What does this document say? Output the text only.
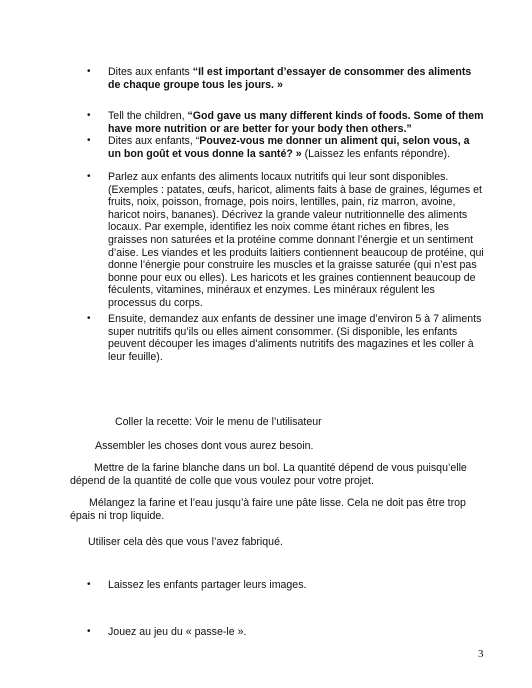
•	Dites aux enfants “Il est important d’essayer de consommer des aliments de chaque groupe tous les jours. »
•	Tell the children, “God gave us many different kinds of foods. Some of them have more nutrition or are better for your body then others.”
•	Dites aux enfants, “Pouvez-vous me donner un aliment qui, selon vous, a un bon goût et vous donne la santé? » (Laissez les enfants répondre).
•	Parlez aux enfants des aliments locaux nutritifs qui leur sont disponibles. (Exemples : patates, œufs, haricot, aliments faits à base de graines, légumes et fruits, noix, poisson, fromage, pois noirs, lentilles, pain, riz marron, avoine, haricot noirs, bananes). Décrivez la grande valeur nutritionnelle des aliments locaux. Par exemple, identifiez les noix comme étant riches en fibres, les graisses non saturées et la protéine comme donnant l’énergie et un sentiment d’aise. Les viandes et les produits laitiers contiennent beaucoup de protéine, qui donne l’énergie pour construire les muscles et la graisse saturée (qui n’est pas bonne pour eux ou elles). Les haricots et les graines contiennent beaucoup de féculents, vitamines, minéraux et enzymes. Les minéraux régulent les processus du corps.
•	Ensuite, demandez aux enfants de dessiner une image d’environ 5 à 7 aliments super nutritifs qu’ils ou elles aiment consommer. (Si disponible, les enfants peuvent découper les images d’aliments nutritifs des magazines et les coller à leur feuille).
Coller la recette: Voir le menu de l’utilisateur
Assembler les choses dont vous aurez besoin.
Mettre de la farine blanche dans un bol. La quantité dépend de vous puisqu’elle dépend de la quantité de colle que vous voulez pour votre projet.
Mélangez la farine et l’eau jusqu’à faire une pâte lisse. Cela ne doit pas être trop épais ni trop liquide.
Utiliser cela dès que vous l’avez fabriqué.
•	Laissez les enfants partager leurs images.
•	Jouez au jeu du « passe-le ».
3
